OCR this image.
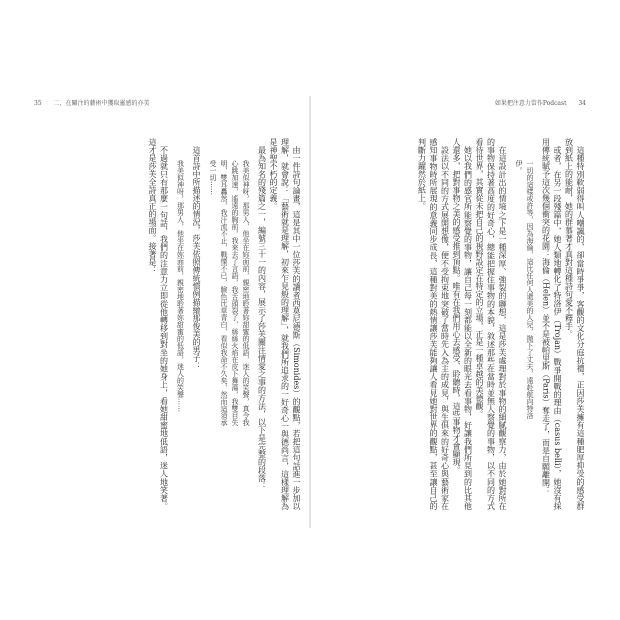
35 二、在關注的藝術中獲取靈感的亦美

由一件詩句論畫，這是其中一位莎芙的讀者西莫尼德斯（Simonides）的觀點，若把這句話進一步加以理解，就會說：「藝術就是理解，初來乍見般的理解」，就我們所追求的一好奇心一與德尚言，這樣理解為是神聖不朽的定義。

最為知名的殘篇之一，編號三十一的內容，展示了莎芙關注情愛之事的方法，以下是完整的段落：

我美似神呀，那男人，他坐在妳面前，親密地聆著妳甜蜜的低語，迷人的笑聲，真令我

心跳加速，遙遠的胸前，我來去了言語，我舌頭裂了，絲絲火焰在皮下舞蕩，我雙目失

明，雙耳轟然，我汗流不止，戰慄不已，臉色比草青白，看似我命不久矣，然而這須承

受一切……

這首詩中所描述的情況，莎芙依照傳統慣例描繪那俊美的男子：

我美似神呀，那男人，他坐在妳面前，親密地聆著妳甜蜜的低語，迷人的笑聲……

不過就只有那麼一句話，我們的注意力立即從他轉移到對坐的她身上，看她甜蜜地低語，迷人地笑著。這才是莎芙全詩真正的場面。接著是：

如果把注意力當作Podcast 34

這種特別軟弱得叫人嘲諷的，卻當時爭爭，客觀的文化分庭抗禮，正因莎芙擁有這種肥厚抑受的感受群放到紙上的能耐，她的群慕著才真對這種詩句愛不釋手。

或者，在另一段殘篇中，她人類地轉化了特洛伊（Trojan）戰爭開戰的理由（casus belli），她沒有採用傳統賦予這次幾個衝突的花園：海倫（Helen）並不是被帕里斯（Paris）奪走了，而是自願離開：

一切的這樣或許等，因為海倫，這比任何人還美的人兒，拋下了丈夫，遠赴航向特洛

伊。

在這設計出的情境之下是一種深厚、強裂的聯想，這是莎芙處理對於事物的細膩觀察力，由於她對所在的事物保持著高度的好奇心，總能把握住事物的本貌，敘述那些在當時並無人察覺的事物，以不同的方式看待世界，其實從未把自己的視野設定在特定的立場，正是一種卓越的美德觀。

她以我們的感官所能察覺的事物，讓自己每一刻都能以全新的眼光去看事物，好讓我們所見到的比其他人還多，把對事物之美的感受推到頂點。唯有在我們用心去感受、聆聽時，這些事物才會顯現。

設法以不同的方式展開想像，便不受拘束地突破了當時先入為主的成見，與生俱來的好奇心與藝術家在感知事物時所展現的意義同步成長，這種對美的熱情讓莎芙能夠讓人看見她對世界的觀點，甚至讓自己的判斷力躍然於紙上。
